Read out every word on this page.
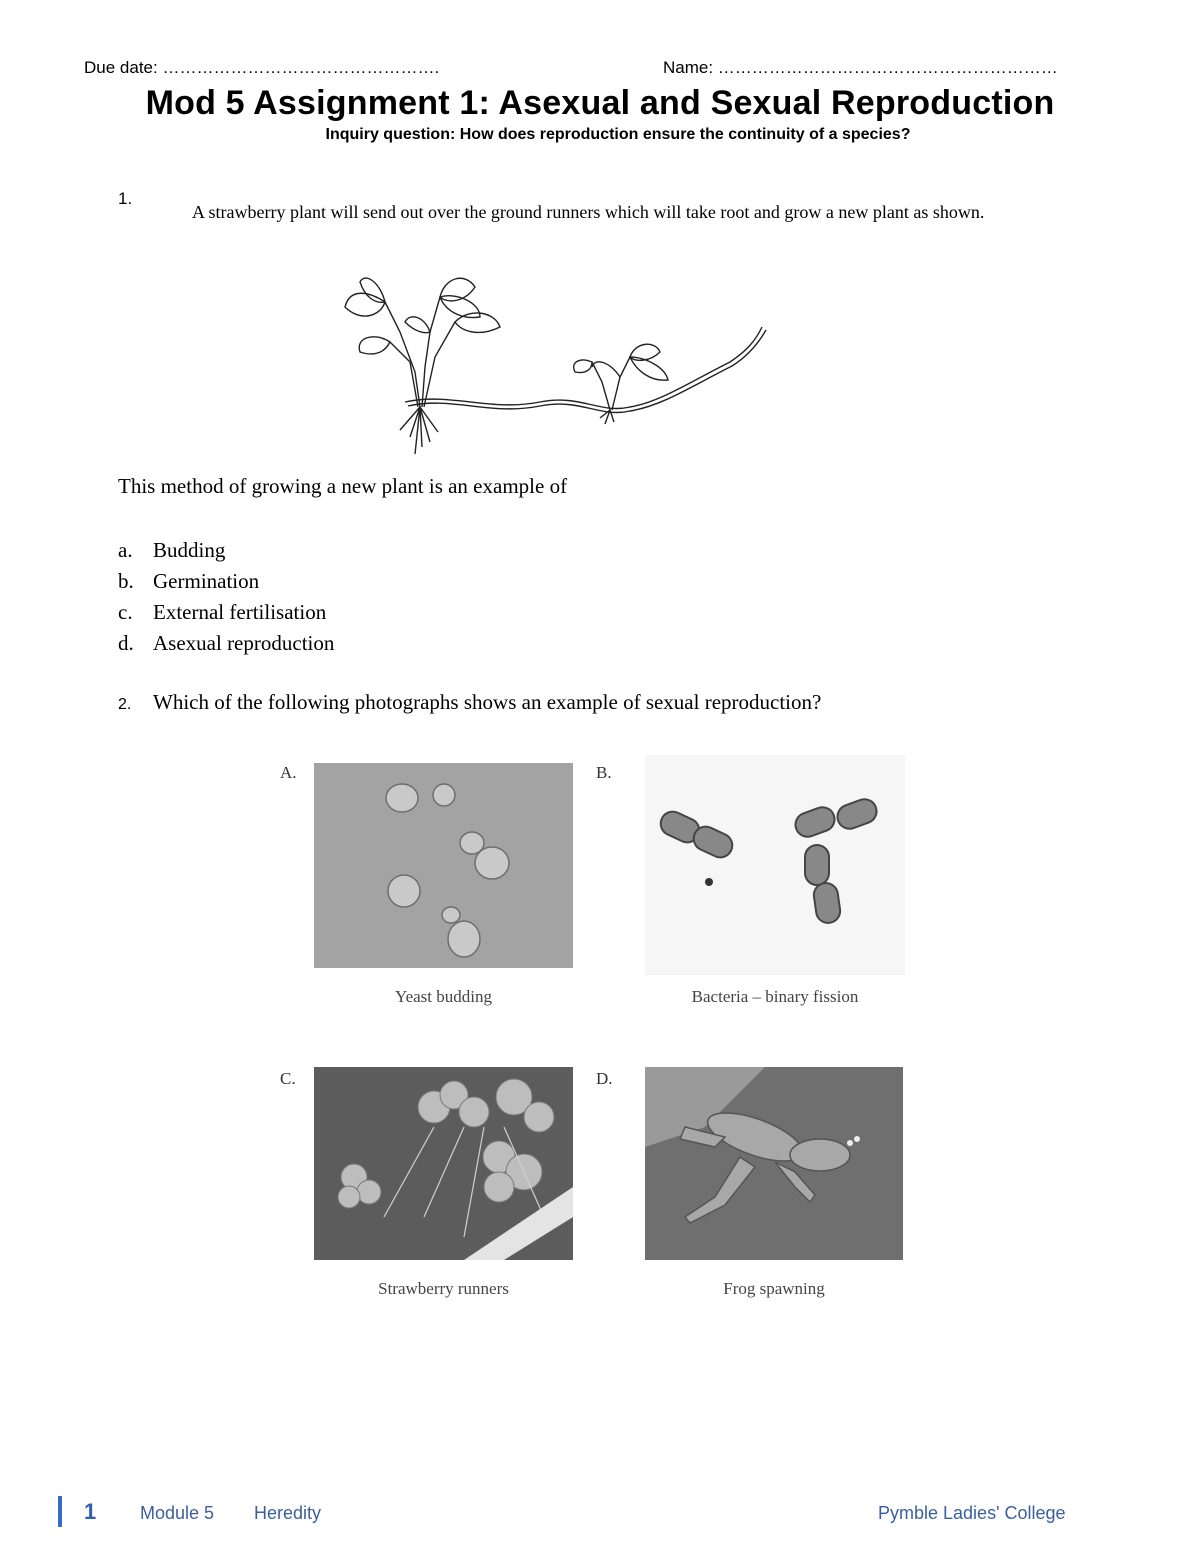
Due date: ………………………………………….	Name: ……………………………………………………
Mod 5 Assignment 1: Asexual and Sexual Reproduction
Inquiry question: How does reproduction ensure the continuity of a species?
1.
A strawberry plant will send out over the ground runners which will take root and grow a new plant as shown.
This method of growing a new plant is an example of
a. Budding
b. Germination
c. External fertilisation
d. Asexual reproduction
2. Which of the following photographs shows an example of sexual reproduction?
A.
Yeast budding
B.
Bacteria – binary fission
C.
Strawberry runners
D.
Frog spawning
1 Module 5 Heredity	Pymble Ladies' College
